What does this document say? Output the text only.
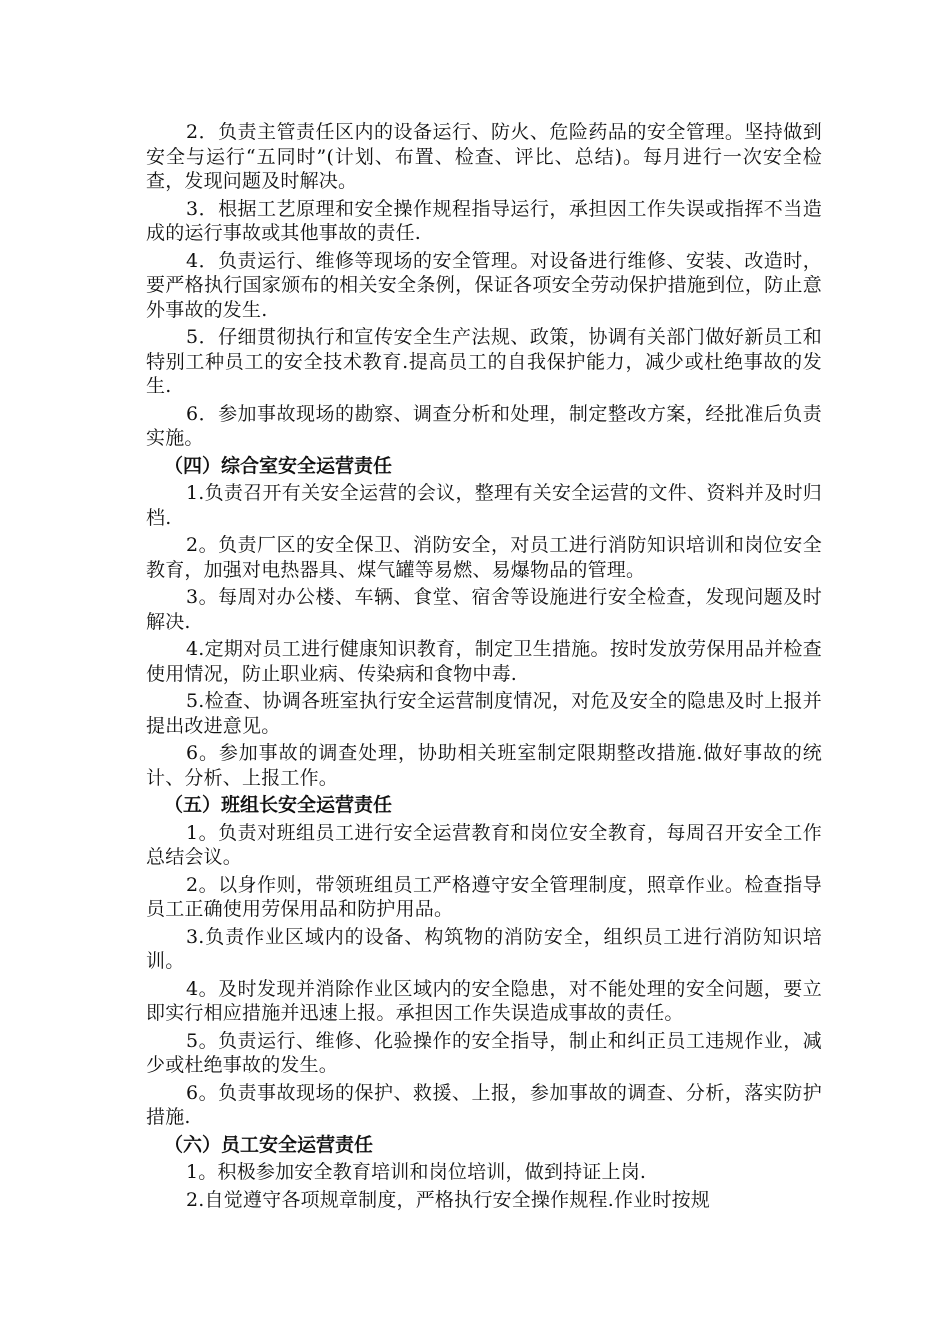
2．负责主管责任区内的设备运行、防火、危险药品的安全管理。坚持做到安全与运行“五同时”(计划、布置、检查、评比、总结)。每月进行一次安全检查，发现问题及时解决。

3．根据工艺原理和安全操作规程指导运行，承担因工作失误或指挥不当造成的运行事故或其他事故的责任.

4．负责运行、维修等现场的安全管理。对设备进行维修、安装、改造时，要严格执行国家颁布的相关安全条例，保证各项安全劳动保护措施到位，防止意外事故的发生.

5．仔细贯彻执行和宣传安全生产法规、政策，协调有关部门做好新员工和特别工种员工的安全技术教育.提高员工的自我保护能力，减少或杜绝事故的发生.

6．参加事故现场的勘察、调查分析和处理，制定整改方案，经批准后负责实施。

（四）综合室安全运营责任

1.负责召开有关安全运营的会议，整理有关安全运营的文件、资料并及时归档.

2。负责厂区的安全保卫、消防安全，对员工进行消防知识培训和岗位安全教育，加强对电热器具、煤气罐等易燃、易爆物品的管理。

3。每周对办公楼、车辆、食堂、宿舍等设施进行安全检查，发现问题及时解决.

4.定期对员工进行健康知识教育，制定卫生措施。按时发放劳保用品并检查使用情况，防止职业病、传染病和食物中毒.

5.检查、协调各班室执行安全运营制度情况，对危及安全的隐患及时上报并提出改进意见。

6。参加事故的调查处理，协助相关班室制定限期整改措施.做好事故的统计、分析、上报工作。

（五）班组长安全运营责任

1。负责对班组员工进行安全运营教育和岗位安全教育，每周召开安全工作总结会议。

2。以身作则，带领班组员工严格遵守安全管理制度，照章作业。检查指导员工正确使用劳保用品和防护用品。

3.负责作业区域内的设备、构筑物的消防安全，组织员工进行消防知识培训。

4。及时发现并消除作业区域内的安全隐患，对不能处理的安全问题，要立即实行相应措施并迅速上报。承担因工作失误造成事故的责任。

5。负责运行、维修、化验操作的安全指导，制止和纠正员工违规作业，减少或杜绝事故的发生。

6。负责事故现场的保护、救援、上报，参加事故的调查、分析，落实防护措施.

（六）员工安全运营责任

1。积极参加安全教育培训和岗位培训，做到持证上岗.

2.自觉遵守各项规章制度，严格执行安全操作规程.作业时按规
